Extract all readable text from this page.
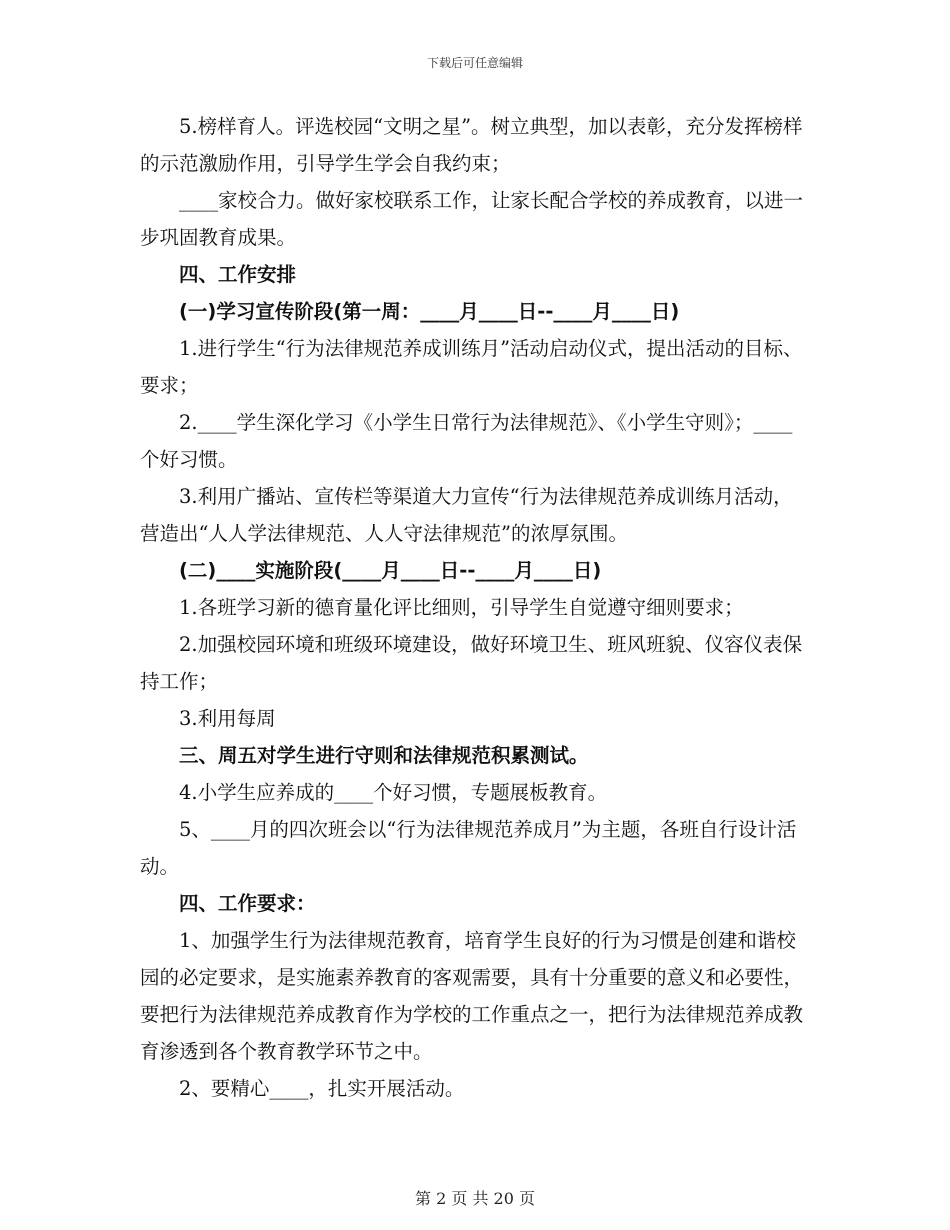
下载后可任意编辑

5.榜样育人。评选校园“文明之星”。树立典型，加以表彰，充分发挥榜样的示范激励作用，引导学生学会自我约束；

____家校合力。做好家校联系工作，让家长配合学校的养成教育，以进一步巩固教育成果。

四、工作安排

(一)学习宣传阶段(第一周：____月____日--____月____日)

1.进行学生“行为法律规范养成训练月”活动启动仪式，提出活动的目标、要求；

2.____学生深化学习《小学生日常行为法律规范》、《小学生守则》；____个好习惯。

3.利用广播站、宣传栏等渠道大力宣传“行为法律规范养成训练月活动，营造出“人人学法律规范、人人守法律规范”的浓厚氛围。

(二)____实施阶段(____月____日--____月____日)

1.各班学习新的德育量化评比细则，引导学生自觉遵守细则要求；

2.加强校园环境和班级环境建设，做好环境卫生、班风班貌、仪容仪表保持工作；

3.利用每周

三、周五对学生进行守则和法律规范积累测试。

4.小学生应养成的____个好习惯，专题展板教育。

5、____月的四次班会以“行为法律规范养成月”为主题，各班自行设计活动。

四、工作要求：

1、加强学生行为法律规范教育，培育学生良好的行为习惯是创建和谐校园的必定要求，是实施素养教育的客观需要，具有十分重要的意义和必要性，要把行为法律规范养成教育作为学校的工作重点之一，把行为法律规范养成教育渗透到各个教育教学环节之中。

2、要精心____，扎实开展活动。

第 2 页 共 20 页
